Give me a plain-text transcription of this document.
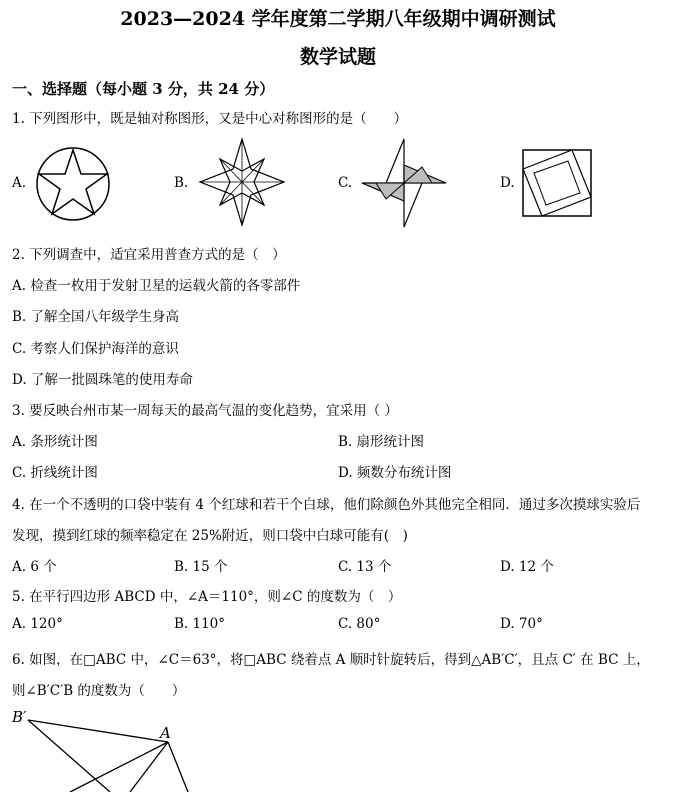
2023—2024 学年度第二学期八年级期中调研测试
数学试题
一、选择题（每小题 3 分，共 24 分）
1. 下列图形中，既是轴对称图形，又是中心对称图形的是（　　）
A.	B.	C.	D.
2. 下列调查中，适宜采用普查方式的是（　）
A. 检查一枚用于发射卫星的运载火箭的各零部件
B. 了解全国八年级学生身高
C. 考察人们保护海洋的意识
D. 了解一批圆珠笔的使用寿命
3. 要反映台州市某一周每天的最高气温的变化趋势，宜采用（ ）
A. 条形统计图	B. 扇形统计图
C. 折线统计图	D. 频数分布统计图
4. 在一个不透明的口袋中装有 4 个红球和若干个白球，他们除颜色外其他完全相同．通过多次摸球实验后
发现，摸到红球的频率稳定在 25%附近，则口袋中白球可能有(　)
A. 6 个	B. 15 个	C. 13 个	D. 12 个
5. 在平行四边形 ABCD 中，∠A＝110°，则∠C 的度数为（　）
A. 120°	B. 110°	C. 80°	D. 70°
6. 如图，在□ABC 中，∠C＝63°，将□ABC 绕着点 A 顺时针旋转后，得到△AB′C′，且点 C′ 在 BC 上，
则∠B′C′B 的度数为（　　）
B′
A
